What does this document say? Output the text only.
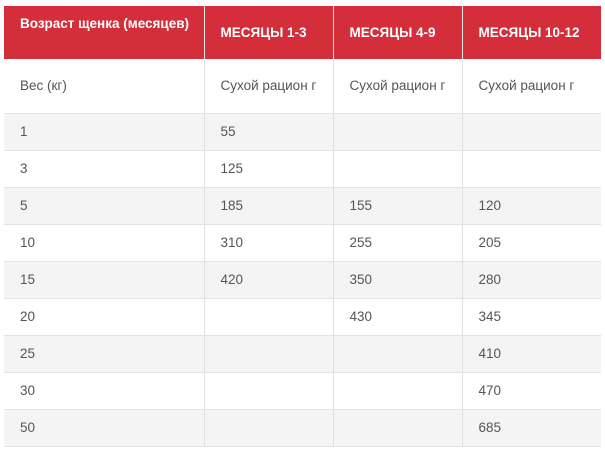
Возраст щенка (месяцев)	МЕСЯЦЫ 1-3	МЕСЯЦЫ 4-9	МЕСЯЦЫ 10-12
Вес (кг)	Сухой рацион г	Сухой рацион г	Сухой рацион г
1	55		
3	125		
5	185	155	120
10	310	255	205
15	420	350	280
20		430	345
25			410
30			470
50			685
